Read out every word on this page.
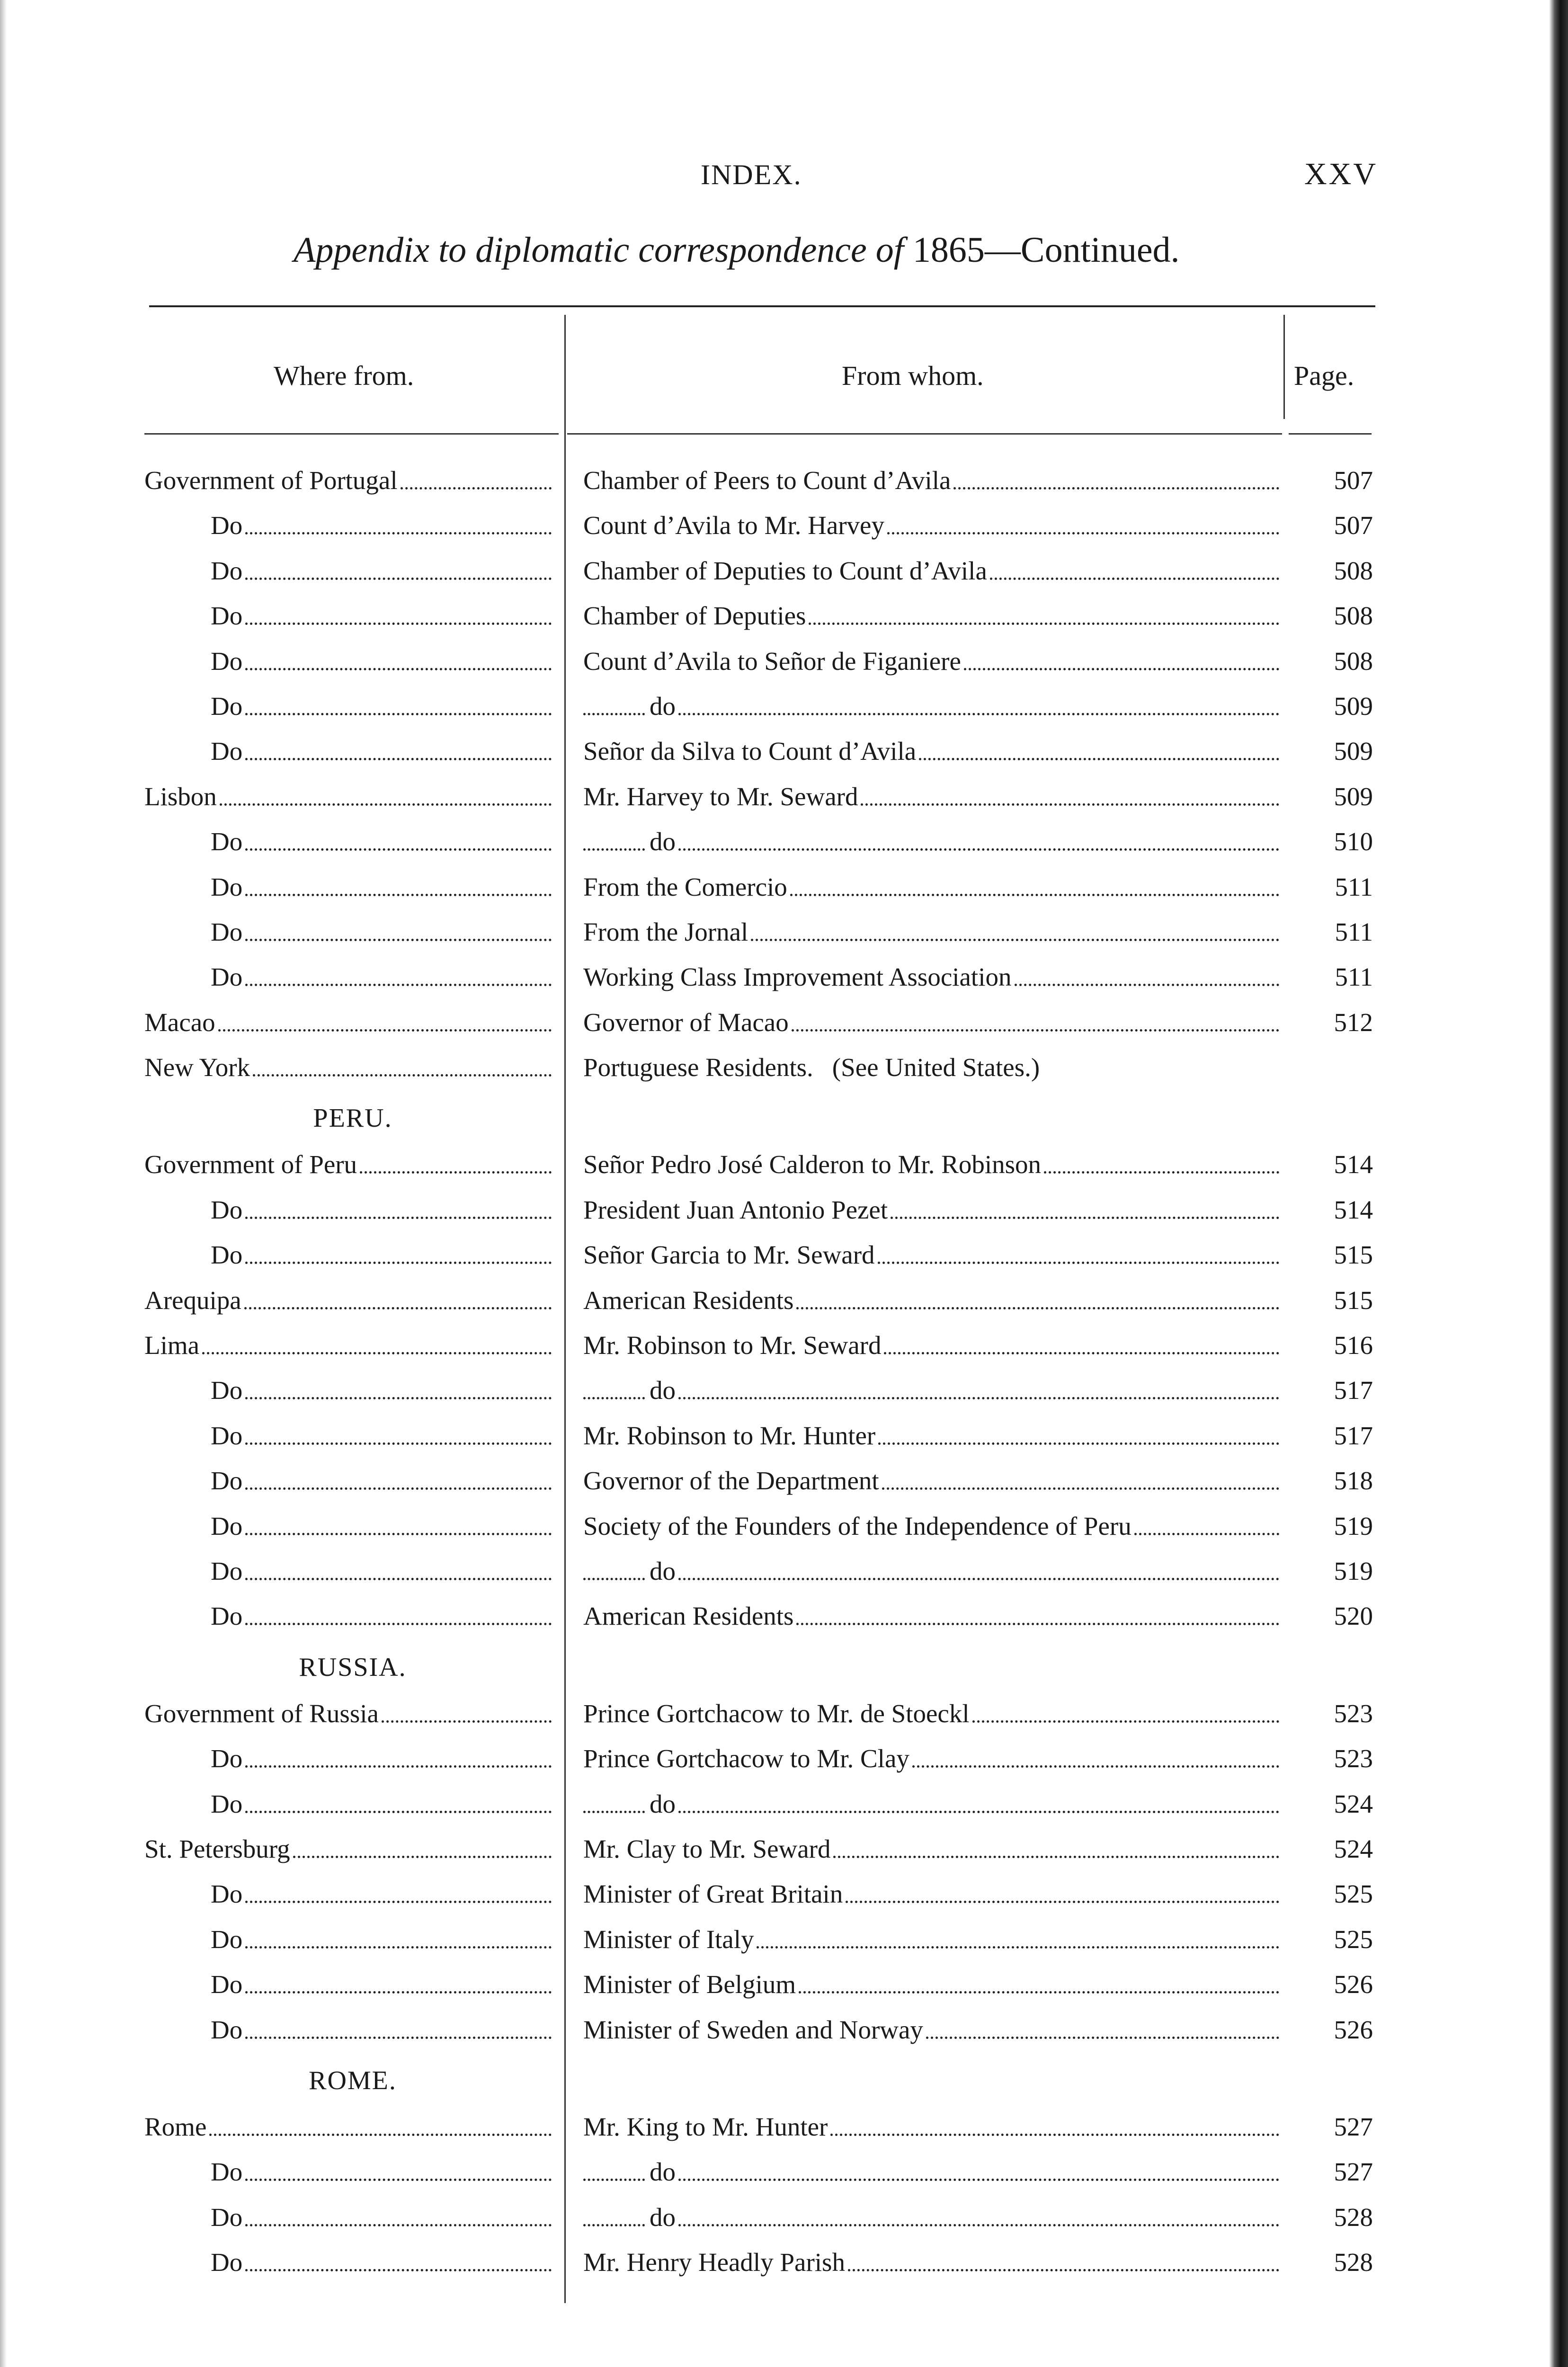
INDEX.	XXV
Appendix to diplomatic correspondence of 1865—Continued.
Where from.	From whom.	Page.
Government of Portugal	Chamber of Peers to Count d’Avila	507
Do	Count d’Avila to Mr. Harvey	507
Do	Chamber of Deputies to Count d’Avila	508
Do	Chamber of Deputies	508
Do	Count d’Avila to Señor de Figaniere	508
Do	do	509
Do	Señor da Silva to Count d’Avila	509
Lisbon	Mr. Harvey to Mr. Seward	509
Do	do	510
Do	From the Comercio	511
Do	From the Jornal	511
Do	Working Class Improvement Association	511
Macao	Governor of Macao	512
New York	Portuguese Residents. (See United States.)
PERU.
Government of Peru	Señor Pedro José Calderon to Mr. Robinson	514
Do	President Juan Antonio Pezet	514
Do	Señor Garcia to Mr. Seward	515
Arequipa	American Residents	515
Lima	Mr. Robinson to Mr. Seward	516
Do	do	517
Do	Mr. Robinson to Mr. Hunter	517
Do	Governor of the Department	518
Do	Society of the Founders of the Independence of Peru	519
Do	do	519
Do	American Residents	520
RUSSIA.
Government of Russia	Prince Gortchacow to Mr. de Stoeckl	523
Do	Prince Gortchacow to Mr. Clay	523
Do	do	524
St. Petersburg	Mr. Clay to Mr. Seward	524
Do	Minister of Great Britain	525
Do	Minister of Italy	525
Do	Minister of Belgium	526
Do	Minister of Sweden and Norway	526
ROME.
Rome	Mr. King to Mr. Hunter	527
Do	do	527
Do	do	528
Do	Mr. Henry Headly Parish	528
